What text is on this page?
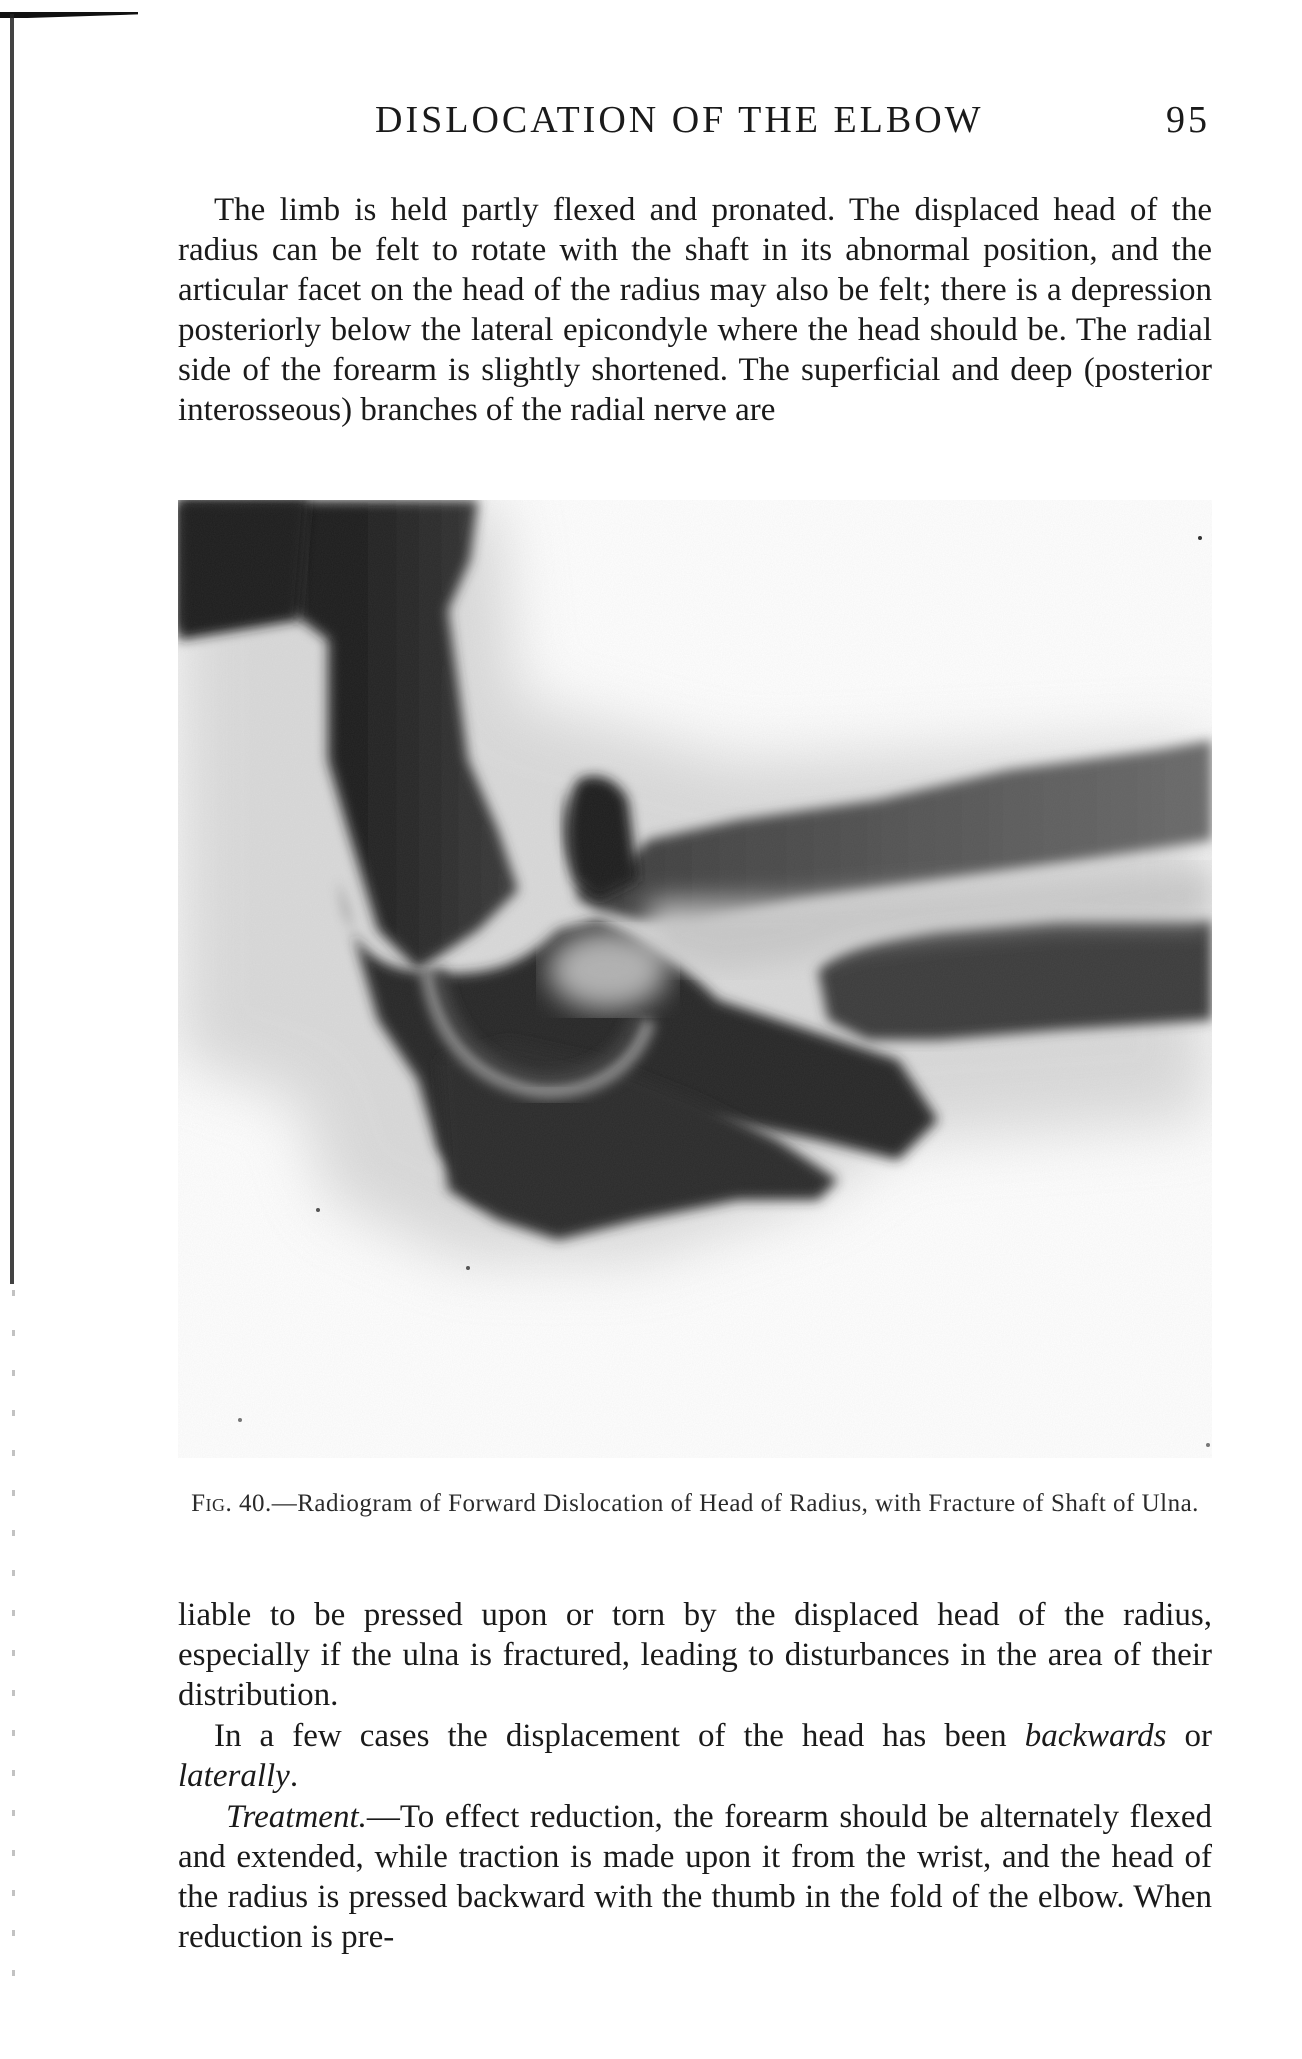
DISLOCATION OF THE ELBOW	95

The limb is held partly flexed and pronated. The displaced head of the radius can be felt to rotate with the shaft in its abnormal position, and the articular facet on the head of the radius may also be felt; there is a depression posteriorly below the lateral epicondyle where the head should be. The radial side of the forearm is slightly shortened. The superficial and deep (posterior interosseous) branches of the radial nerve are

Fig. 40.—Radiogram of Forward Dislocation of Head of Radius, with Fracture of Shaft of Ulna.

liable to be pressed upon or torn by the displaced head of the radius, especially if the ulna is fractured, leading to disturbances in the area of their distribution.

In a few cases the displacement of the head has been backwards or laterally.

Treatment.—To effect reduction, the forearm should be alternately flexed and extended, while traction is made upon it from the wrist, and the head of the radius is pressed backward with the thumb in the fold of the elbow. When reduction is pre-
